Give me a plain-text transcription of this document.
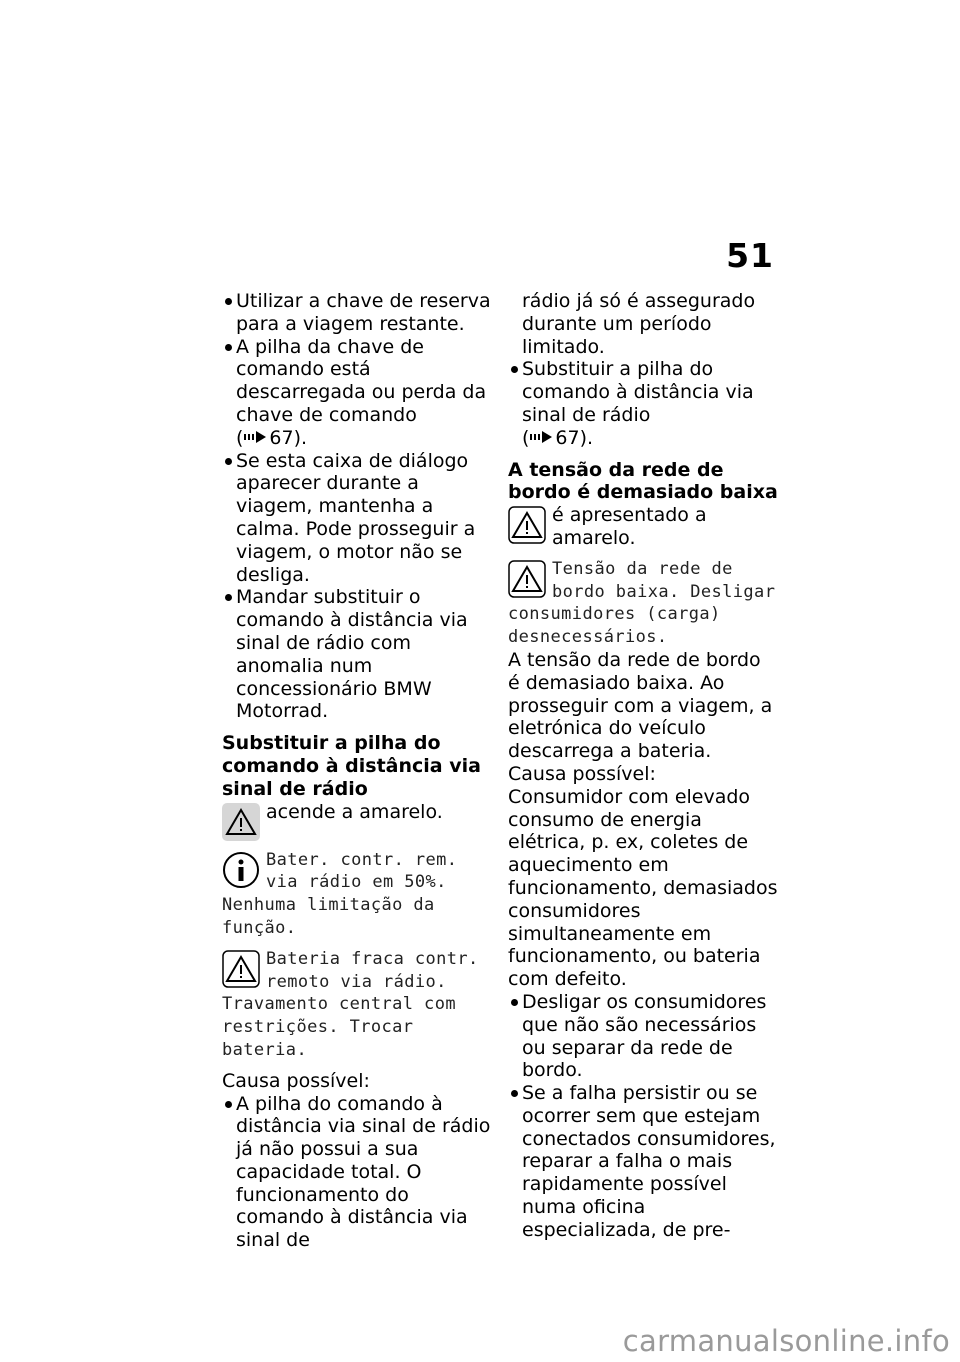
51
Utilizar a chave de reserva para a viagem restante.
A pilha da chave de comando está descarregada ou perda da chave de comando
( 67).
Se esta caixa de diálogo aparecer durante a viagem, mantenha a calma. Pode prosseguir a viagem, o motor não se desliga.
Mandar substituir o comando à distância via sinal de rádio com anomalia num concessionário BMW Motorrad.

Substituir a pilha do comando à distância via sinal de rádio

acende a amarelo.
Bater. contr. rem. via rádio em 50%. Nenhuma limitação da função.
Bateria fraca contr. remoto via rádio. Travamento central com restrições. Trocar bateria.

Causa possível:

A pilha do comando à distância via sinal de rádio já não possui a sua capacidade total. O funcionamento do comando à distância via sinal de

rádio já só é assegurado durante um período limitado.

Substituir a pilha do comando à distância via sinal de rádio
( 67).

A tensão da rede de bordo é demasiado baixa

é apresentado a amarelo.
Tensão da rede de bordo baixa. Desligar consumidores (carga) desnecessários.

A tensão da rede de bordo é demasiado baixa. Ao prosseguir com a viagem, a eletrónica do veículo descarrega a bateria.

Causa possível:

Consumidor com elevado consumo de energia elétrica, p. ex, coletes de aquecimento em funcionamento, demasiados consumidores simultaneamente em funcionamento, ou bateria com defeito.

Desligar os consumidores que não são necessários ou separar da rede de bordo.
Se a falha persistir ou se ocorrer sem que estejam conectados consumidores, reparar a falha o mais rapidamente possível numa oficina especializada, de pre-
carmanualsonline.info
